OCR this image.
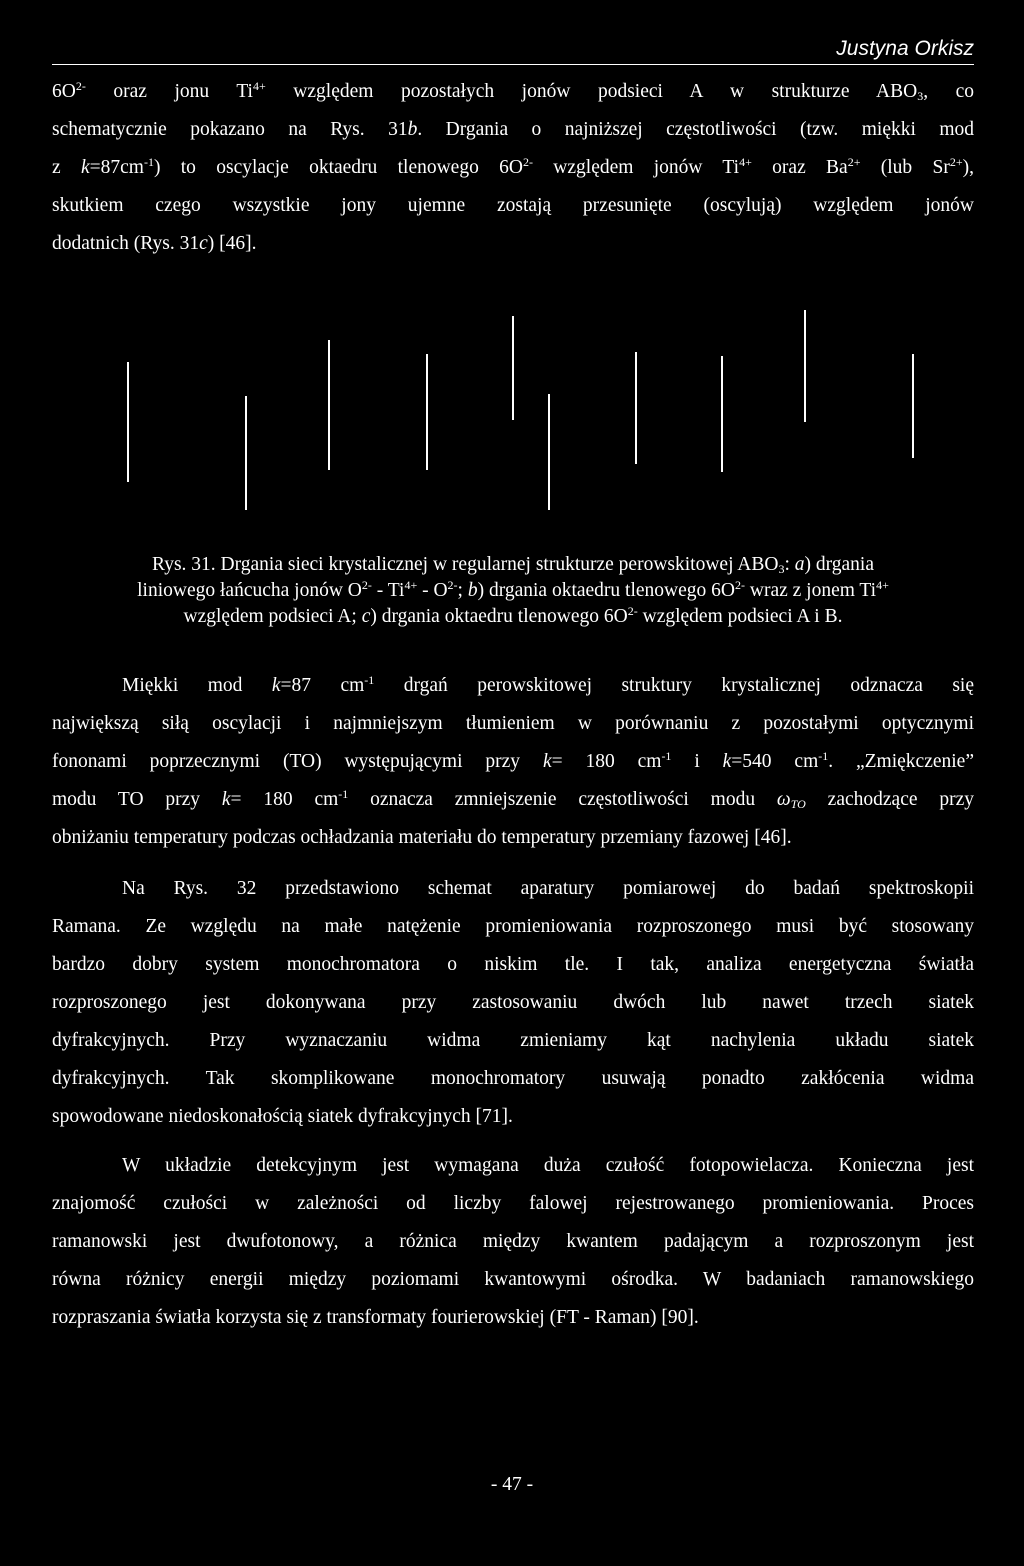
Justyna Orkisz
$6O^{2-}$ oraz jonu $Ti^{4+}$ względem pozostałych jonów podsieci A w strukturze $ABO_3$, co
schematycznie pokazano na Rys. 31b. Drgania o najniższej częstotliwości (tzw. miękki mod
z $k=87cm^{-1}$) to oscylacje oktaedru tlenowego $6O^{2-}$ względem jonów $Ti^{4+}$ oraz $Ba^{2+}$ (lub $Sr^{2+}$),
skutkiem czego wszystkie jony ujemne zostają przesunięte (oscylują) względem jonów
dodatnich (Rys. 31c) [46].
Rys. 31. Drgania sieci krystalicznej w regularnej strukturze perowskitowej $ABO_3$: a) drgania
liniowego łańcucha jonów $O^{2-} - Ti^{4+} - O^{2-}$; b) drgania oktaedru tlenowego $6O^{2-}$ wraz z jonem $Ti^{4+}$
względem podsieci A; c) drgania oktaedru tlenowego $6O^{2-}$ względem podsieci A i B.
Miękki mod k=87 $cm^{-1}$ drgań perowskitowej struktury krystalicznej odznacza się
największą siłą oscylacji i najmniejszym tłumieniem w porównaniu z pozostałymi optycznymi
fononami poprzecznymi (TO) występującymi przy k= 180 $cm^{-1}$ i k=540 $cm^{-1}$. „Zmiękczenie”
modu TO przy k= 180 $cm^{-1}$ oznacza zmniejszenie częstotliwości modu $\omega_{TO}$ zachodzące przy
obniżaniu temperatury podczas ochładzania materiału do temperatury przemiany fazowej [46].
Na Rys. 32 przedstawiono schemat aparatury pomiarowej do badań spektroskopii
Ramana. Ze względu na małe natężenie promieniowania rozproszonego musi być stosowany
bardzo dobry system monochromatora o niskim tle. I tak, analiza energetyczna światła
rozproszonego jest dokonywana przy zastosowaniu dwóch lub nawet trzech siatek
dyfrakcyjnych. Przy wyznaczaniu widma zmieniamy kąt nachylenia układu siatek
dyfrakcyjnych. Tak skomplikowane monochromatory usuwają ponadto zakłócenia widma
spowodowane niedoskonałością siatek dyfrakcyjnych [71].
W układzie detekcyjnym jest wymagana duża czułość fotopowielacza. Konieczna jest
znajomość czułości w zależności od liczby falowej rejestrowanego promieniowania. Proces
ramanowski jest dwufotonowy, a różnica między kwantem padającym a rozproszonym jest
równa różnicy energii między poziomami kwantowymi ośrodka. W badaniach ramanowskiego
rozpraszania światła korzysta się z transformaty fourierowskiej (FT - Raman) [90].
- 47 -
